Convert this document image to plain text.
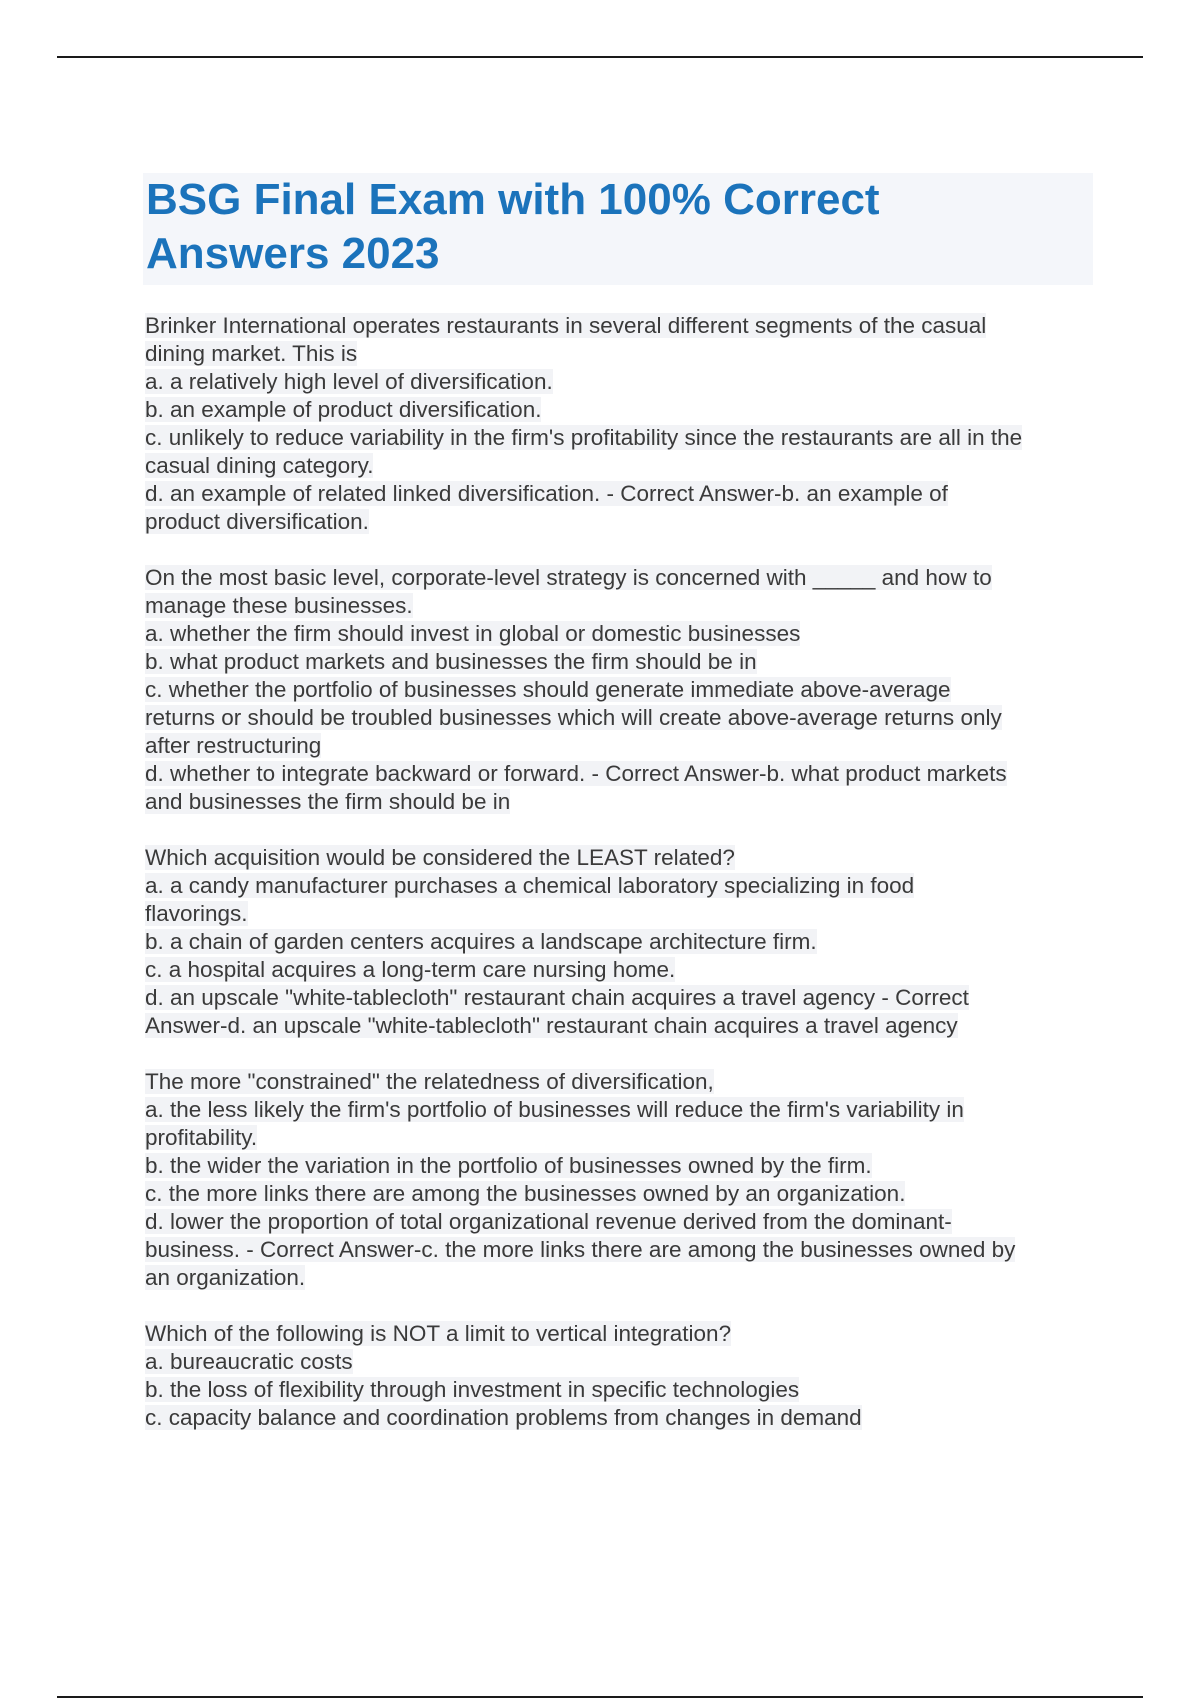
BSG Final Exam with 100% Correct
Answers 2023
Brinker International operates restaurants in several different segments of the casual
dining market. This is
a. a relatively high level of diversification.
b. an example of product diversification.
c. unlikely to reduce variability in the firm's profitability since the restaurants are all in the
casual dining category.
d. an example of related linked diversification. - Correct Answer-b. an example of
product diversification.
On the most basic level, corporate-level strategy is concerned with _____ and how to
manage these businesses.
a. whether the firm should invest in global or domestic businesses
b. what product markets and businesses the firm should be in
c. whether the portfolio of businesses should generate immediate above-average
returns or should be troubled businesses which will create above-average returns only
after restructuring
d. whether to integrate backward or forward. - Correct Answer-b. what product markets
and businesses the firm should be in
Which acquisition would be considered the LEAST related?
a. a candy manufacturer purchases a chemical laboratory specializing in food
flavorings.
b. a chain of garden centers acquires a landscape architecture firm.
c. a hospital acquires a long-term care nursing home.
d. an upscale "white-tablecloth" restaurant chain acquires a travel agency - Correct
Answer-d. an upscale "white-tablecloth" restaurant chain acquires a travel agency
The more "constrained" the relatedness of diversification,
a. the less likely the firm's portfolio of businesses will reduce the firm's variability in
profitability.
b. the wider the variation in the portfolio of businesses owned by the firm.
c. the more links there are among the businesses owned by an organization.
d. lower the proportion of total organizational revenue derived from the dominant-
business. - Correct Answer-c. the more links there are among the businesses owned by
an organization.
Which of the following is NOT a limit to vertical integration?
a. bureaucratic costs
b. the loss of flexibility through investment in specific technologies
c. capacity balance and coordination problems from changes in demand
